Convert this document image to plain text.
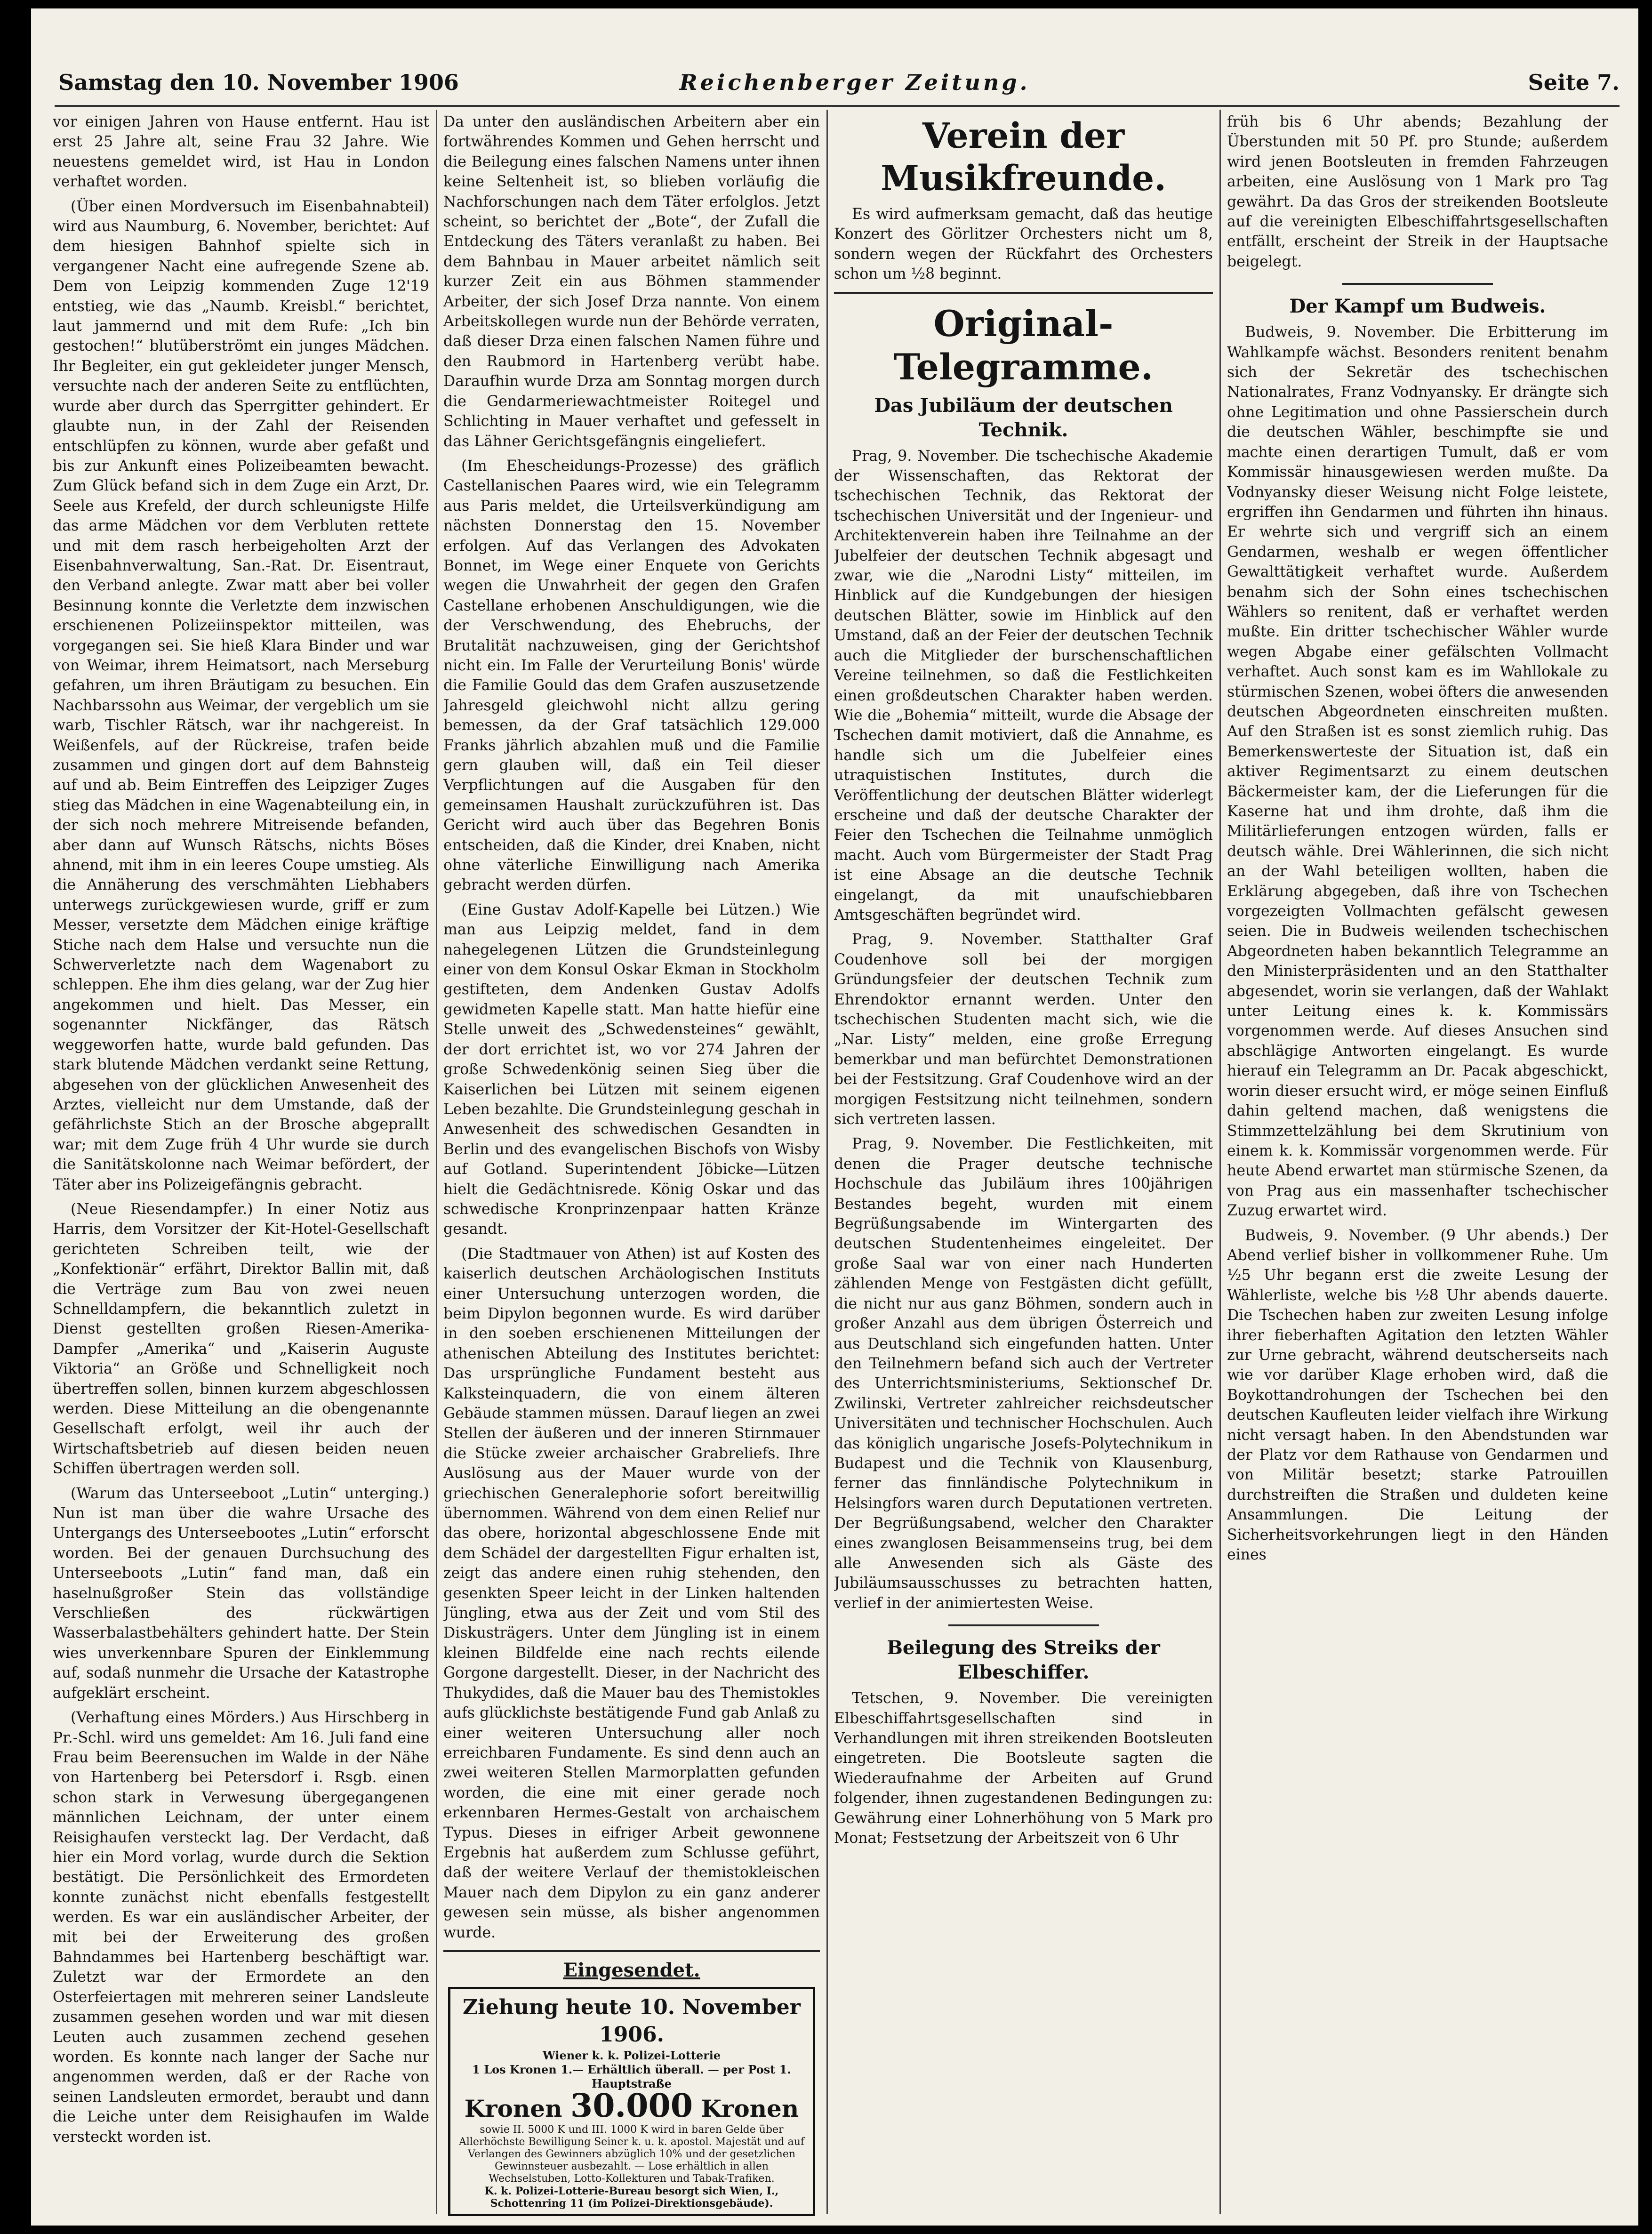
Samstag den 10. November 1906	Reichenberger Zeitung.	Seite 7.

vor einigen Jahren von Hause entfernt. Hau ist erst 25 Jahre alt, seine Frau 32 Jahre. Wie neuestens gemeldet wird, ist Hau in London verhaftet worden.

(Über einen Mordversuch im Eisenbahnabteil) wird aus Naumburg, 6. November, berichtet: Auf dem hiesigen Bahnhof spielte sich in vergangener Nacht eine aufregende Szene ab. Dem von Leipzig kommenden Zuge 12'19 entstieg, wie das „Naumb. Kreisbl.“ berichtet, laut jammernd und mit dem Rufe: „Ich bin gestochen!“ blutüberströmt ein junges Mädchen. Ihr Begleiter, ein gut gekleideter junger Mensch, versuchte nach der anderen Seite zu entflüchten, wurde aber durch das Sperrgitter gehindert. Er glaubte nun, in der Zahl der Reisenden entschlüpfen zu können, wurde aber gefaßt und bis zur Ankunft eines Polizeibeamten bewacht. Zum Glück befand sich in dem Zuge ein Arzt, Dr. Seele aus Krefeld, der durch schleunigste Hilfe das arme Mädchen vor dem Verbluten rettete und mit dem rasch herbeigeholten Arzt der Eisenbahnverwaltung, San.-Rat. Dr. Eisentraut, den Verband anlegte. Zwar matt aber bei voller Besinnung konnte die Verletzte dem inzwischen erschienenen Polizeiinspektor mitteilen, was vorgegangen sei. Sie hieß Klara Binder und war von Weimar, ihrem Heimatsort, nach Merseburg gefahren, um ihren Bräutigam zu besuchen. Ein Nachbarssohn aus Weimar, der vergeblich um sie warb, Tischler Rätsch, war ihr nachgereist. In Weißenfels, auf der Rückreise, trafen beide zusammen und gingen dort auf dem Bahnsteig auf und ab. Beim Eintreffen des Leipziger Zuges stieg das Mädchen in eine Wagenabteilung ein, in der sich noch mehrere Mitreisende befanden, aber dann auf Wunsch Rätschs, nichts Böses ahnend, mit ihm in ein leeres Coupe umstieg. Als die Annäherung des verschmähten Liebhabers unterwegs zurückgewiesen wurde, griff er zum Messer, versetzte dem Mädchen einige kräftige Stiche nach dem Halse und versuchte nun die Schwerverletzte nach dem Wagenabort zu schleppen. Ehe ihm dies gelang, war der Zug hier angekommen und hielt. Das Messer, ein sogenannter Nickfänger, das Rätsch weggeworfen hatte, wurde bald gefunden. Das stark blutende Mädchen verdankt seine Rettung, abgesehen von der glücklichen Anwesenheit des Arztes, vielleicht nur dem Umstande, daß der gefährlichste Stich an der Brosche abgeprallt war; mit dem Zuge früh 4 Uhr wurde sie durch die Sanitätskolonne nach Weimar befördert, der Täter aber ins Polizeigefängnis gebracht.

(Neue Riesendampfer.) In einer Notiz aus Harris, dem Vorsitzer der Kit-Hotel-Gesellschaft gerichteten Schreiben teilt, wie der „Konfektionär“ erfährt, Direktor Ballin mit, daß die Verträge zum Bau von zwei neuen Schnelldampfern, die bekanntlich zuletzt in Dienst gestellten großen Riesen-Amerika-Dampfer „Amerika“ und „Kaiserin Auguste Viktoria“ an Größe und Schnelligkeit noch übertreffen sollen, binnen kurzem abgeschlossen werden. Diese Mitteilung an die obengenannte Gesellschaft erfolgt, weil ihr auch der Wirtschaftsbetrieb auf diesen beiden neuen Schiffen übertragen werden soll.

(Warum das Unterseeboot „Lutin“ unterging.) Nun ist man über die wahre Ursache des Untergangs des Unterseebootes „Lutin“ erforscht worden. Bei der genauen Durchsuchung des Unterseeboots „Lutin“ fand man, daß ein haselnußgroßer Stein das vollständige Verschließen des rückwärtigen Wasserbalastbehälters gehindert hatte. Der Stein wies unverkennbare Spuren der Einklemmung auf, sodaß nunmehr die Ursache der Katastrophe aufgeklärt erscheint.

(Verhaftung eines Mörders.) Aus Hirschberg in Pr.-Schl. wird uns gemeldet: Am 16. Juli fand eine Frau beim Beerensuchen im Walde in der Nähe von Hartenberg bei Petersdorf i. Rsgb. einen schon stark in Verwesung übergegangenen männlichen Leichnam, der unter einem Reisighaufen versteckt lag. Der Verdacht, daß hier ein Mord vorlag, wurde durch die Sektion bestätigt. Die Persönlichkeit des Ermordeten konnte zunächst nicht ebenfalls festgestellt werden. Es war ein ausländischer Arbeiter, der mit bei der Erweiterung des großen Bahndammes bei Hartenberg beschäftigt war. Zuletzt war der Ermordete an den Osterfeiertagen mit mehreren seiner Landsleute zusammen gesehen worden und war mit diesen Leuten auch zusammen zechend gesehen worden. Es konnte nach langer der Sache nur angenommen werden, daß er der Rache von seinen Landsleuten ermordet, beraubt und dann die Leiche unter dem Reisighaufen im Walde versteckt worden ist.

Da unter den ausländischen Arbeitern aber ein fortwährendes Kommen und Gehen herrscht und die Beilegung eines falschen Namens unter ihnen keine Seltenheit ist, so blieben vorläufig die Nachforschungen nach dem Täter erfolglos. Jetzt scheint, so berichtet der „Bote“, der Zufall die Entdeckung des Täters veranlaßt zu haben. Bei dem Bahnbau in Mauer arbeitet nämlich seit kurzer Zeit ein aus Böhmen stammender Arbeiter, der sich Josef Drza nannte. Von einem Arbeitskollegen wurde nun der Behörde verraten, daß dieser Drza einen falschen Namen führe und den Raubmord in Hartenberg verübt habe. Daraufhin wurde Drza am Sonntag morgen durch die Gendarmeriewachtmeister Roitegel und Schlichting in Mauer verhaftet und gefesselt in das Lähner Gerichtsgefängnis eingeliefert.

(Im Ehescheidungs-Prozesse) des gräflich Castellanischen Paares wird, wie ein Telegramm aus Paris meldet, die Urteilsverkündigung am nächsten Donnerstag den 15. November erfolgen. Auf das Verlangen des Advokaten Bonnet, im Wege einer Enquete von Gerichts wegen die Unwahrheit der gegen den Grafen Castellane erhobenen Anschuldigungen, wie die der Verschwendung, des Ehebruchs, der Brutalität nachzuweisen, ging der Gerichtshof nicht ein. Im Falle der Verurteilung Bonis' würde die Familie Gould das dem Grafen auszusetzende Jahresgeld gleichwohl nicht allzu gering bemessen, da der Graf tatsächlich 129.000 Franks jährlich abzahlen muß und die Familie gern glauben will, daß ein Teil dieser Verpflichtungen auf die Ausgaben für den gemeinsamen Haushalt zurückzuführen ist. Das Gericht wird auch über das Begehren Bonis entscheiden, daß die Kinder, drei Knaben, nicht ohne väterliche Einwilligung nach Amerika gebracht werden dürfen.

(Eine Gustav Adolf-Kapelle bei Lützen.) Wie man aus Leipzig meldet, fand in dem nahegelegenen Lützen die Grundsteinlegung einer von dem Konsul Oskar Ekman in Stockholm gestifteten, dem Andenken Gustav Adolfs gewidmeten Kapelle statt. Man hatte hiefür eine Stelle unweit des „Schwedensteines“ gewählt, der dort errichtet ist, wo vor 274 Jahren der große Schwedenkönig seinen Sieg über die Kaiserlichen bei Lützen mit seinem eigenen Leben bezahlte. Die Grundsteinlegung geschah in Anwesenheit des schwedischen Gesandten in Berlin und des evangelischen Bischofs von Wisby auf Gotland. Superintendent Jöbicke—Lützen hielt die Gedächtnisrede. König Oskar und das schwedische Kronprinzenpaar hatten Kränze gesandt.

(Die Stadtmauer von Athen) ist auf Kosten des kaiserlich deutschen Archäologischen Instituts einer Untersuchung unterzogen worden, die beim Dipylon begonnen wurde. Es wird darüber in den soeben erschienenen Mitteilungen der athenischen Abteilung des Institutes berichtet: Das ursprüngliche Fundament besteht aus Kalksteinquadern, die von einem älteren Gebäude stammen müssen. Darauf liegen an zwei Stellen der äußeren und der inneren Stirnmauer die Stücke zweier archaischer Grabreliefs. Ihre Auslösung aus der Mauer wurde von der griechischen Generalephorie sofort bereitwillig übernommen. Während von dem einen Relief nur das obere, horizontal abgeschlossene Ende mit dem Schädel der dargestellten Figur erhalten ist, zeigt das andere einen ruhig stehenden, den gesenkten Speer leicht in der Linken haltenden Jüngling, etwa aus der Zeit und vom Stil des Diskusträgers. Unter dem Jüngling ist in einem kleinen Bildfelde eine nach rechts eilende Gorgone dargestellt. Dieser, in der Nachricht des Thukydides, daß die Mauer bau des Themistokles aufs glücklichste bestätigende Fund gab Anlaß zu einer weiteren Untersuchung aller noch erreichbaren Fundamente. Es sind denn auch an zwei weiteren Stellen Marmorplatten gefunden worden, die eine mit einer gerade noch erkennbaren Hermes-Gestalt von archaischem Typus. Dieses in eifriger Arbeit gewonnene Ergebnis hat außerdem zum Schlusse geführt, daß der weitere Verlauf der themistokleischen Mauer nach dem Dipylon zu ein ganz anderer gewesen sein müsse, als bisher angenommen wurde.

Eingesendet.
Ziehung heute 10. November 1906.
Wiener k. k. Polizei-Lotterie
1 Los Kronen 1.— Erhältlich überall. — per Post 1. Hauptstraße
Kronen 30.000 Kronen
sowie II. 5000 K und III. 1000 K wird in baren Gelde über Allerhöchste Bewilligung Seiner k. u. k. apostol. Majestät und auf Verlangen des Gewinners abzüglich 10% und der gesetzlichen Gewinnsteuer ausbezahlt. — Lose erhältlich in allen Wechselstuben, Lotto-Kollekturen und Tabak-Trafiken.
K. k. Polizei-Lotterie-Bureau besorgt sich Wien, I., Schottenring 11 (im Polizei-Direktionsgebäude).
Verein der Musikfreunde.

Es wird aufmerksam gemacht, daß das heutige Konzert des Görlitzer Orchesters nicht um 8, sondern wegen der Rückfahrt des Orchesters schon um ½8 beginnt.

Original-Telegramme.
Das Jubiläum der deutschen Technik.

Prag, 9. November. Die tschechische Akademie der Wissenschaften, das Rektorat der tschechischen Technik, das Rektorat der tschechischen Universität und der Ingenieur- und Architektenverein haben ihre Teilnahme an der Jubelfeier der deutschen Technik abgesagt und zwar, wie die „Narodni Listy“ mitteilen, im Hinblick auf die Kundgebungen der hiesigen deutschen Blätter, sowie im Hinblick auf den Umstand, daß an der Feier der deutschen Technik auch die Mitglieder der burschenschaftlichen Vereine teilnehmen, so daß die Festlichkeiten einen großdeutschen Charakter haben werden. Wie die „Bohemia“ mitteilt, wurde die Absage der Tschechen damit motiviert, daß die Annahme, es handle sich um die Jubelfeier eines utraquistischen Institutes, durch die Veröffentlichung der deutschen Blätter widerlegt erscheine und daß der deutsche Charakter der Feier den Tschechen die Teilnahme unmöglich macht. Auch vom Bürgermeister der Stadt Prag ist eine Absage an die deutsche Technik eingelangt, da mit unaufschiebbaren Amtsgeschäften begründet wird.

Prag, 9. November. Statthalter Graf Coudenhove soll bei der morgigen Gründungsfeier der deutschen Technik zum Ehrendoktor ernannt werden. Unter den tschechischen Studenten macht sich, wie die „Nar. Listy“ melden, eine große Erregung bemerkbar und man befürchtet Demonstrationen bei der Festsitzung. Graf Coudenhove wird an der morgigen Festsitzung nicht teilnehmen, sondern sich vertreten lassen.

Prag, 9. November. Die Festlichkeiten, mit denen die Prager deutsche technische Hochschule das Jubiläum ihres 100jährigen Bestandes begeht, wurden mit einem Begrüßungsabende im Wintergarten des deutschen Studentenheimes eingeleitet. Der große Saal war von einer nach Hunderten zählenden Menge von Festgästen dicht gefüllt, die nicht nur aus ganz Böhmen, sondern auch in großer Anzahl aus dem übrigen Österreich und aus Deutschland sich eingefunden hatten. Unter den Teilnehmern befand sich auch der Vertreter des Unterrichtsministeriums, Sektionschef Dr. Zwilinski, Vertreter zahlreicher reichsdeutscher Universitäten und technischer Hochschulen. Auch das königlich ungarische Josefs-Polytechnikum in Budapest und die Technik von Klausenburg, ferner das finnländische Polytechnikum in Helsingfors waren durch Deputationen vertreten. Der Begrüßungsabend, welcher den Charakter eines zwanglosen Beisammenseins trug, bei dem alle Anwesenden sich als Gäste des Jubiläumsausschusses zu betrachten hatten, verlief in der animiertesten Weise.

Beilegung des Streiks der Elbeschiffer.

Tetschen, 9. November. Die vereinigten Elbeschiffahrtsgesellschaften sind in Verhandlungen mit ihren streikenden Bootsleuten eingetreten. Die Bootsleute sagten die Wiederaufnahme der Arbeiten auf Grund folgender, ihnen zugestandenen Bedingungen zu: Gewährung einer Lohnerhöhung von 5 Mark pro Monat; Festsetzung der Arbeitszeit von 6 Uhr

früh bis 6 Uhr abends; Bezahlung der Überstunden mit 50 Pf. pro Stunde; außerdem wird jenen Bootsleuten in fremden Fahrzeugen arbeiten, eine Auslösung von 1 Mark pro Tag gewährt. Da das Gros der streikenden Bootsleute auf die vereinigten Elbeschiffahrtsgesellschaften entfällt, erscheint der Streik in der Hauptsache beigelegt.

Der Kampf um Budweis.

Budweis, 9. November. Die Erbitterung im Wahlkampfe wächst. Besonders renitent benahm sich der Sekretär des tschechischen Nationalrates, Franz Vodnyansky. Er drängte sich ohne Legitimation und ohne Passierschein durch die deutschen Wähler, beschimpfte sie und machte einen derartigen Tumult, daß er vom Kommissär hinausgewiesen werden mußte. Da Vodnyansky dieser Weisung nicht Folge leistete, ergriffen ihn Gendarmen und führten ihn hinaus. Er wehrte sich und vergriff sich an einem Gendarmen, weshalb er wegen öffentlicher Gewalttätigkeit verhaftet wurde. Außerdem benahm sich der Sohn eines tschechischen Wählers so renitent, daß er verhaftet werden mußte. Ein dritter tschechischer Wähler wurde wegen Abgabe einer gefälschten Vollmacht verhaftet. Auch sonst kam es im Wahllokale zu stürmischen Szenen, wobei öfters die anwesenden deutschen Abgeordneten einschreiten mußten. Auf den Straßen ist es sonst ziemlich ruhig. Das Bemerkenswerteste der Situation ist, daß ein aktiver Regimentsarzt zu einem deutschen Bäckermeister kam, der die Lieferungen für die Kaserne hat und ihm drohte, daß ihm die Militärlieferungen entzogen würden, falls er deutsch wähle. Drei Wählerinnen, die sich nicht an der Wahl beteiligen wollten, haben die Erklärung abgegeben, daß ihre von Tschechen vorgezeigten Vollmachten gefälscht gewesen seien. Die in Budweis weilenden tschechischen Abgeordneten haben bekanntlich Telegramme an den Ministerpräsidenten und an den Statthalter abgesendet, worin sie verlangen, daß der Wahlakt unter Leitung eines k. k. Kommissärs vorgenommen werde. Auf dieses Ansuchen sind abschlägige Antworten eingelangt. Es wurde hierauf ein Telegramm an Dr. Pacak abgeschickt, worin dieser ersucht wird, er möge seinen Einfluß dahin geltend machen, daß wenigstens die Stimmzettelzählung bei dem Skrutinium von einem k. k. Kommissär vorgenommen werde. Für heute Abend erwartet man stürmische Szenen, da von Prag aus ein massenhafter tschechischer Zuzug erwartet wird.

Budweis, 9. November. (9 Uhr abends.) Der Abend verlief bisher in vollkommener Ruhe. Um ½5 Uhr begann erst die zweite Lesung der Wählerliste, welche bis ½8 Uhr abends dauerte. Die Tschechen haben zur zweiten Lesung infolge ihrer fieberhaften Agitation den letzten Wähler zur Urne gebracht, während deutscherseits nach wie vor darüber Klage erhoben wird, daß die Boykottandrohungen der Tschechen bei den deutschen Kaufleuten leider vielfach ihre Wirkung nicht versagt haben. In den Abendstunden war der Platz vor dem Rathause von Gendarmen und von Militär besetzt; starke Patrouillen durchstreiften die Straßen und duldeten keine Ansammlungen. Die Leitung der Sicherheitsvorkehrungen liegt in den Händen eines
